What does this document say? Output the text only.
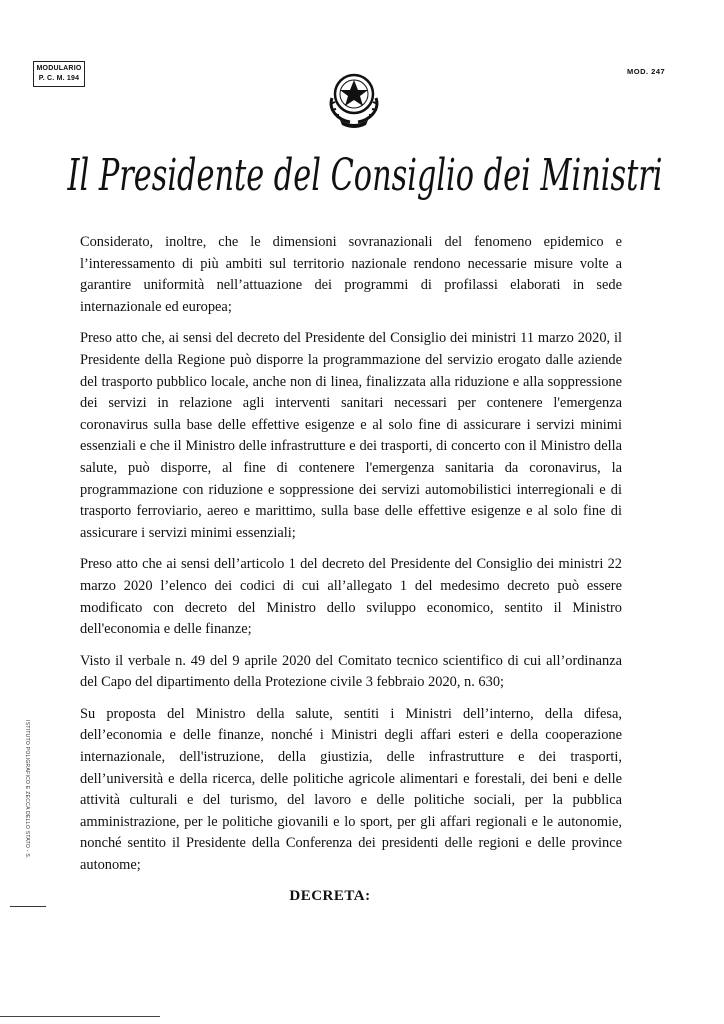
MODULARIO
P. C. M. 194
MOD. 247
Il Presidente del Consiglio dei Ministri

Considerato, inoltre, che le dimensioni sovranazionali del fenomeno epidemico e l’interessamento di più ambiti sul territorio nazionale rendono necessarie misure volte a garantire uniformità nell’attuazione dei programmi di profilassi elaborati in sede internazionale ed europea;

Preso atto che, ai sensi del decreto del Presidente del Consiglio dei ministri 11 marzo 2020, il Presidente della Regione può disporre la programmazione del servizio erogato dalle aziende del trasporto pubblico locale, anche non di linea, finalizzata alla riduzione e alla soppressione dei servizi in relazione agli interventi sanitari necessari per contenere l'emergenza coronavirus sulla base delle effettive esigenze e al solo fine di assicurare i servizi minimi essenziali e che il Ministro delle infrastrutture e dei trasporti, di concerto con il Ministro della salute, può disporre, al fine di contenere l'emergenza sanitaria da coronavirus, la programmazione con riduzione e soppressione dei servizi automobilistici interregionali e di trasporto ferroviario, aereo e marittimo, sulla base delle effettive esigenze e al solo fine di assicurare i servizi minimi essenziali;

Preso atto che ai sensi dell’articolo 1 del decreto del Presidente del Consiglio dei ministri 22 marzo 2020 l’elenco dei codici di cui all’allegato 1 del medesimo decreto può essere modificato con decreto del Ministro dello sviluppo economico, sentito il Ministro dell'economia e delle finanze;

Visto il verbale n. 49 del 9 aprile 2020 del Comitato tecnico scientifico di cui all’ordinanza del Capo del dipartimento della Protezione civile 3 febbraio 2020, n. 630;

Su proposta del Ministro della salute, sentiti i Ministri dell’interno, della difesa, dell’economia e delle finanze, nonché i Ministri degli affari esteri e della cooperazione internazionale, dell'istruzione, della giustizia, delle infrastrutture e dei trasporti, dell’università e della ricerca, delle politiche agricole alimentari e forestali, dei beni e delle attività culturali e del turismo, del lavoro e delle politiche sociali, per la pubblica amministrazione, per le politiche giovanili e lo sport, per gli affari regionali e le autonomie, nonché sentito il Presidente della Conferenza dei presidenti delle regioni e delle province autonome;

DECRETA:
ISTITUTO POLIGRAFICO E ZECCA DELLO STATO - S.
